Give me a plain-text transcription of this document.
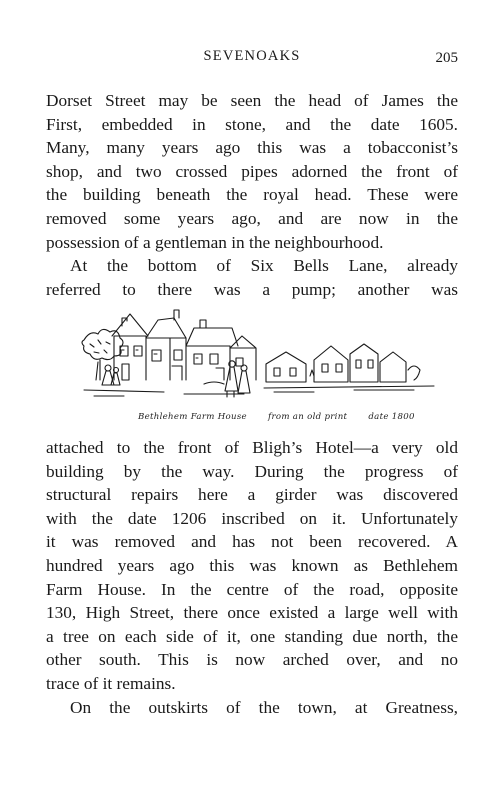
SEVENOAKS	205
Dorset Street may be seen the head of James the
First, embedded in stone, and the date 1605.
Many, many years ago this was a tobacconist’s
shop, and two crossed pipes adorned the front of
the building beneath the royal head. These were
removed some years ago, and are now in the
possession of a gentleman in the neighbourhood.
At the bottom of Six Bells Lane, already
referred to there was a pump; another was
Bethlehem Farm House from an old print date 1800
attached to the front of Bligh’s Hotel—a very old
building by the way. During the progress of
structural repairs here a girder was discovered
with the date 1206 inscribed on it. Unfortunately
it was removed and has not been recovered. A
hundred years ago this was known as Bethlehem
Farm House. In the centre of the road, opposite
130, High Street, there once existed a large well with
a tree on each side of it, one standing due north, the
other south. This is now arched over, and no
trace of it remains.
On the outskirts of the town, at Greatness,
